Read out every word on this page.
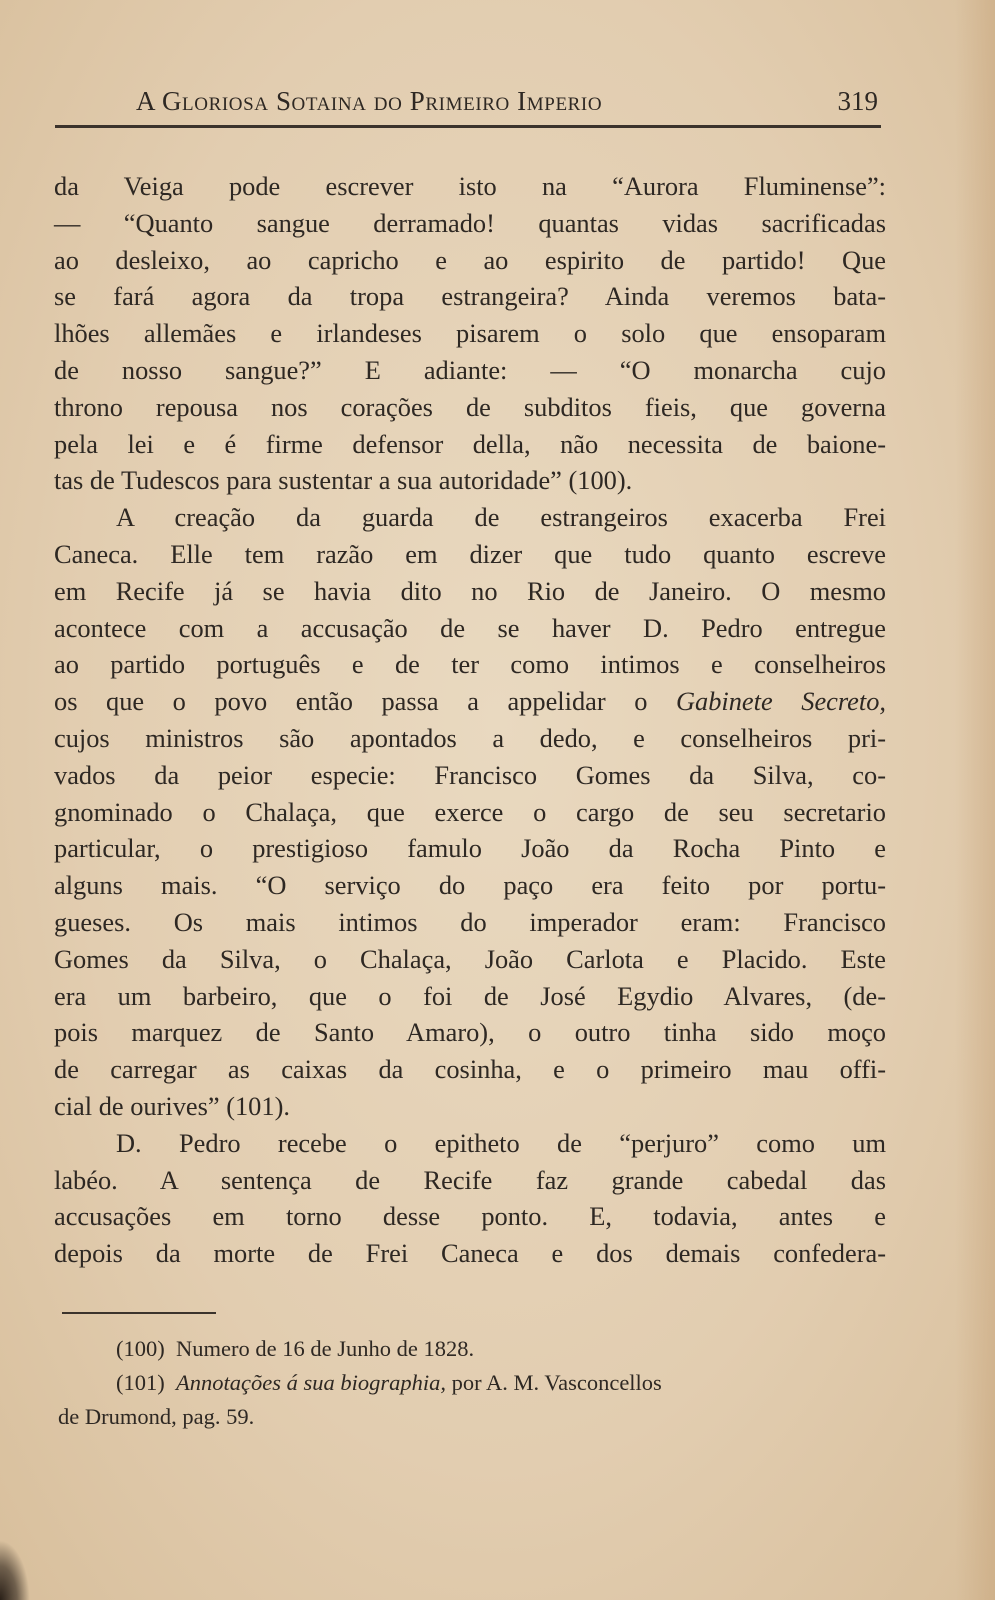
A Gloriosa Sotaina do Primeiro Imperio	319
da Veiga pode escrever isto na “Aurora Fluminense”:
— “Quanto sangue derramado! quantas vidas sacrificadas
ao desleixo, ao capricho e ao espirito de partido! Que
se fará agora da tropa estrangeira? Ainda veremos bata-
lhões allemães e irlandeses pisarem o solo que ensoparam
de nosso sangue?” E adiante: — “O monarcha cujo
throno repousa nos corações de subditos fieis, que governa
pela lei e é firme defensor della, não necessita de baione-
tas de Tudescos para sustentar a sua autoridade” (100).
A creação da guarda de estrangeiros exacerba Frei
Caneca. Elle tem razão em dizer que tudo quanto escreve
em Recife já se havia dito no Rio de Janeiro. O mesmo
acontece com a accusação de se haver D. Pedro entregue
ao partido português e de ter como intimos e conselheiros
os que o povo então passa a appelidar o Gabinete Secreto,
cujos ministros são apontados a dedo, e conselheiros pri-
vados da peior especie: Francisco Gomes da Silva, co-
gnominado o Chalaça, que exerce o cargo de seu secretario
particular, o prestigioso famulo João da Rocha Pinto e
alguns mais. “O serviço do paço era feito por portu-
gueses. Os mais intimos do imperador eram: Francisco
Gomes da Silva, o Chalaça, João Carlota e Placido. Este
era um barbeiro, que o foi de José Egydio Alvares, (de-
pois marquez de Santo Amaro), o outro tinha sido moço
de carregar as caixas da cosinha, e o primeiro mau offi-
cial de ourives” (101).
D. Pedro recebe o epitheto de “perjuro” como um
labéo. A sentença de Recife faz grande cabedal das
accusações em torno desse ponto. E, todavia, antes e
depois da morte de Frei Caneca e dos demais confedera-
(100) Numero de 16 de Junho de 1828.
(101) Annotações á sua biographia, por A. M. Vasconcellos
de Drumond, pag. 59.
